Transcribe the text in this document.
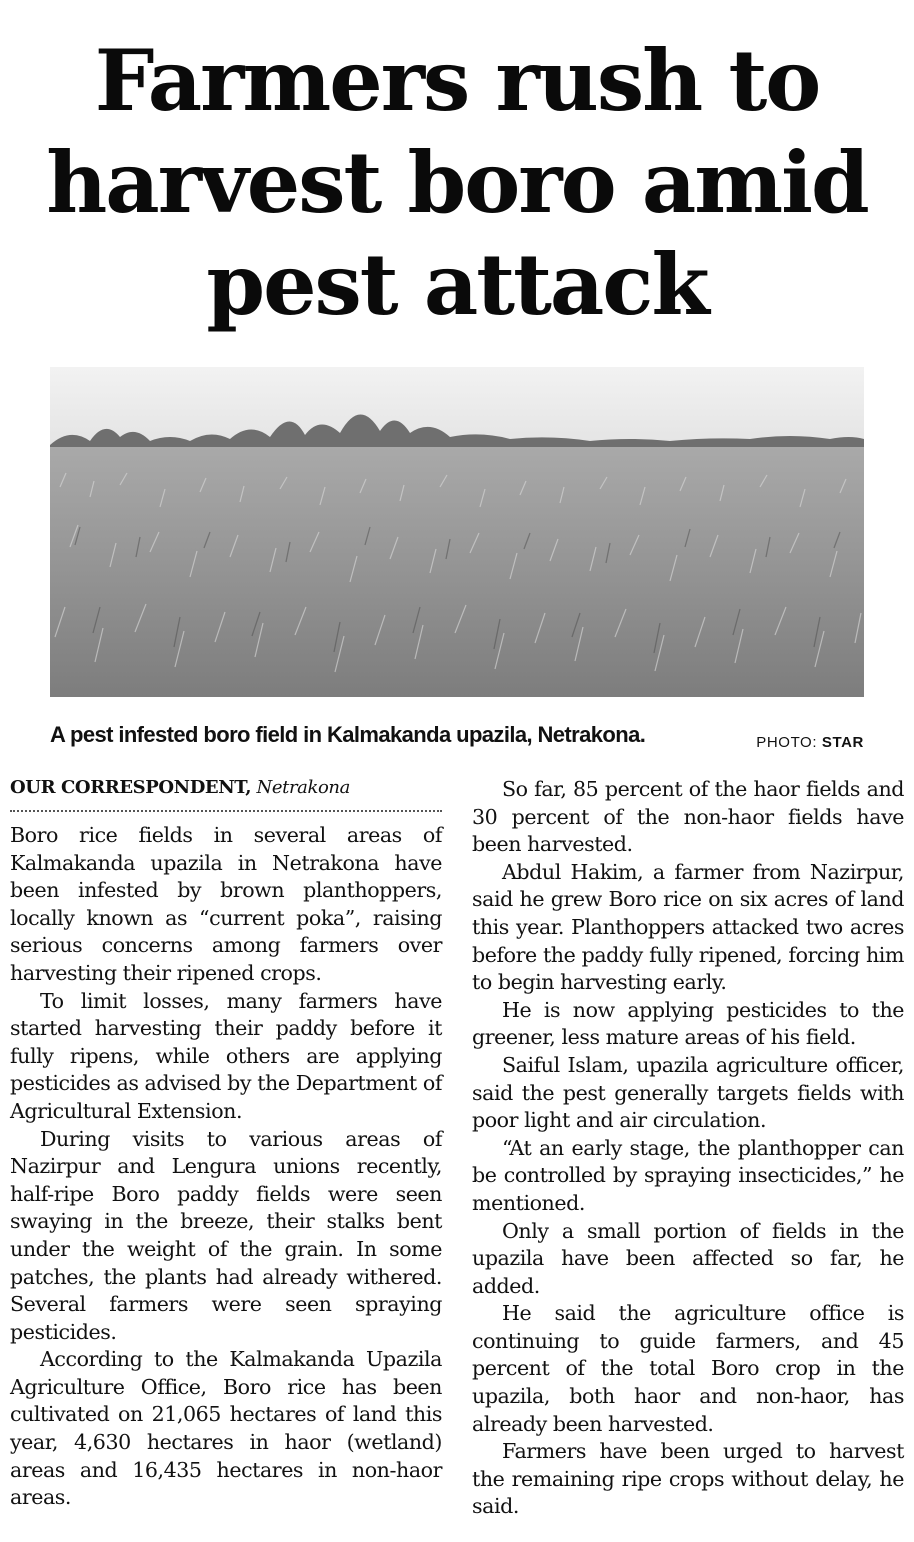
Farmers rush to
harvest boro amid
pest attack
A pest infested boro field in Kalmakanda upazila, Netrakona.	PHOTO: STAR
OUR CORRESPONDENT, Netrakona

Boro rice fields in several areas of Kalmakanda upazila in Netrakona have been infested by brown planthoppers, locally known as “current poka”, raising serious concerns among farmers over harvesting their ripened crops.

To limit losses, many farmers have started harvesting their paddy before it fully ripens, while others are applying pesticides as advised by the Department of Agricultural Extension.

During visits to various areas of Nazirpur and Lengura unions recently, half-ripe Boro paddy fields were seen swaying in the breeze, their stalks bent under the weight of the grain. In some patches, the plants had already withered. Several farmers were seen spraying pesticides.

According to the Kalmakanda Upazila Agriculture Office, Boro rice has been cultivated on 21,065 hectares of land this year, 4,630 hectares in haor (wetland) areas and 16,435 hectares in non-haor areas.

So far, 85 percent of the haor fields and 30 percent of the non-haor fields have been harvested.

Abdul Hakim, a farmer from Nazirpur, said he grew Boro rice on six acres of land this year. Planthoppers attacked two acres before the paddy fully ripened, forcing him to begin harvesting early.

He is now applying pesticides to the greener, less mature areas of his field.

Saiful Islam, upazila agriculture officer, said the pest generally targets fields with poor light and air circulation.

“At an early stage, the planthopper can be controlled by spraying insecticides,” he mentioned.

Only a small portion of fields in the upazila have been affected so far, he added.

He said the agriculture office is continuing to guide farmers, and 45 percent of the total Boro crop in the upazila, both haor and non-haor, has already been harvested.

Farmers have been urged to harvest the remaining ripe crops without delay, he said.
